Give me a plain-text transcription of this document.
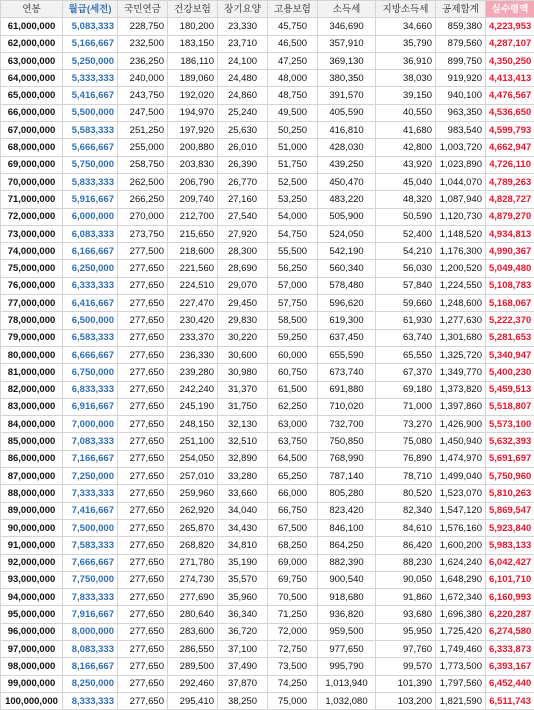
연봉	월급(세전)	국민연금	건강보험	장기요양	고용보험	소득세	지방소득세	공제합계	실수령액
61,000,000	5,083,333	228,750	180,200	23,330	45,750	346,690	34,660	859,380	4,223,953
62,000,000	5,166,667	232,500	183,150	23,710	46,500	357,910	35,790	879,560	4,287,107
63,000,000	5,250,000	236,250	186,110	24,100	47,250	369,130	36,910	899,750	4,350,250
64,000,000	5,333,333	240,000	189,060	24,480	48,000	380,350	38,030	919,920	4,413,413
65,000,000	5,416,667	243,750	192,020	24,860	48,750	391,570	39,150	940,100	4,476,567
66,000,000	5,500,000	247,500	194,970	25,240	49,500	405,590	40,550	963,350	4,536,650
67,000,000	5,583,333	251,250	197,920	25,630	50,250	416,810	41,680	983,540	4,599,793
68,000,000	5,666,667	255,000	200,880	26,010	51,000	428,030	42,800	1,003,720	4,662,947
69,000,000	5,750,000	258,750	203,830	26,390	51,750	439,250	43,920	1,023,890	4,726,110
70,000,000	5,833,333	262,500	206,790	26,770	52,500	450,470	45,040	1,044,070	4,789,263
71,000,000	5,916,667	266,250	209,740	27,160	53,250	483,220	48,320	1,087,940	4,828,727
72,000,000	6,000,000	270,000	212,700	27,540	54,000	505,900	50,590	1,120,730	4,879,270
73,000,000	6,083,333	273,750	215,650	27,920	54,750	524,050	52,400	1,148,520	4,934,813
74,000,000	6,166,667	277,500	218,600	28,300	55,500	542,190	54,210	1,176,300	4,990,367
75,000,000	6,250,000	277,650	221,560	28,690	56,250	560,340	56,030	1,200,520	5,049,480
76,000,000	6,333,333	277,650	224,510	29,070	57,000	578,480	57,840	1,224,550	5,108,783
77,000,000	6,416,667	277,650	227,470	29,450	57,750	596,620	59,660	1,248,600	5,168,067
78,000,000	6,500,000	277,650	230,420	29,830	58,500	619,300	61,930	1,277,630	5,222,370
79,000,000	6,583,333	277,650	233,370	30,220	59,250	637,450	63,740	1,301,680	5,281,653
80,000,000	6,666,667	277,650	236,330	30,600	60,000	655,590	65,550	1,325,720	5,340,947
81,000,000	6,750,000	277,650	239,280	30,980	60,750	673,740	67,370	1,349,770	5,400,230
82,000,000	6,833,333	277,650	242,240	31,370	61,500	691,880	69,180	1,373,820	5,459,513
83,000,000	6,916,667	277,650	245,190	31,750	62,250	710,020	71,000	1,397,860	5,518,807
84,000,000	7,000,000	277,650	248,150	32,130	63,000	732,700	73,270	1,426,900	5,573,100
85,000,000	7,083,333	277,650	251,100	32,510	63,750	750,850	75,080	1,450,940	5,632,393
86,000,000	7,166,667	277,650	254,050	32,890	64,500	768,990	76,890	1,474,970	5,691,697
87,000,000	7,250,000	277,650	257,010	33,280	65,250	787,140	78,710	1,499,040	5,750,960
88,000,000	7,333,333	277,650	259,960	33,660	66,000	805,280	80,520	1,523,070	5,810,263
89,000,000	7,416,667	277,650	262,920	34,040	66,750	823,420	82,340	1,547,120	5,869,547
90,000,000	7,500,000	277,650	265,870	34,430	67,500	846,100	84,610	1,576,160	5,923,840
91,000,000	7,583,333	277,650	268,820	34,810	68,250	864,250	86,420	1,600,200	5,983,133
92,000,000	7,666,667	277,650	271,780	35,190	69,000	882,390	88,230	1,624,240	6,042,427
93,000,000	7,750,000	277,650	274,730	35,570	69,750	900,540	90,050	1,648,290	6,101,710
94,000,000	7,833,333	277,650	277,690	35,960	70,500	918,680	91,860	1,672,340	6,160,993
95,000,000	7,916,667	277,650	280,640	36,340	71,250	936,820	93,680	1,696,380	6,220,287
96,000,000	8,000,000	277,650	283,600	36,720	72,000	959,500	95,950	1,725,420	6,274,580
97,000,000	8,083,333	277,650	286,550	37,100	72,750	977,650	97,760	1,749,460	6,333,873
98,000,000	8,166,667	277,650	289,500	37,490	73,500	995,790	99,570	1,773,500	6,393,167
99,000,000	8,250,000	277,650	292,460	37,870	74,250	1,013,940	101,390	1,797,560	6,452,440
100,000,000	8,333,333	277,650	295,410	38,250	75,000	1,032,080	103,200	1,821,590	6,511,743
